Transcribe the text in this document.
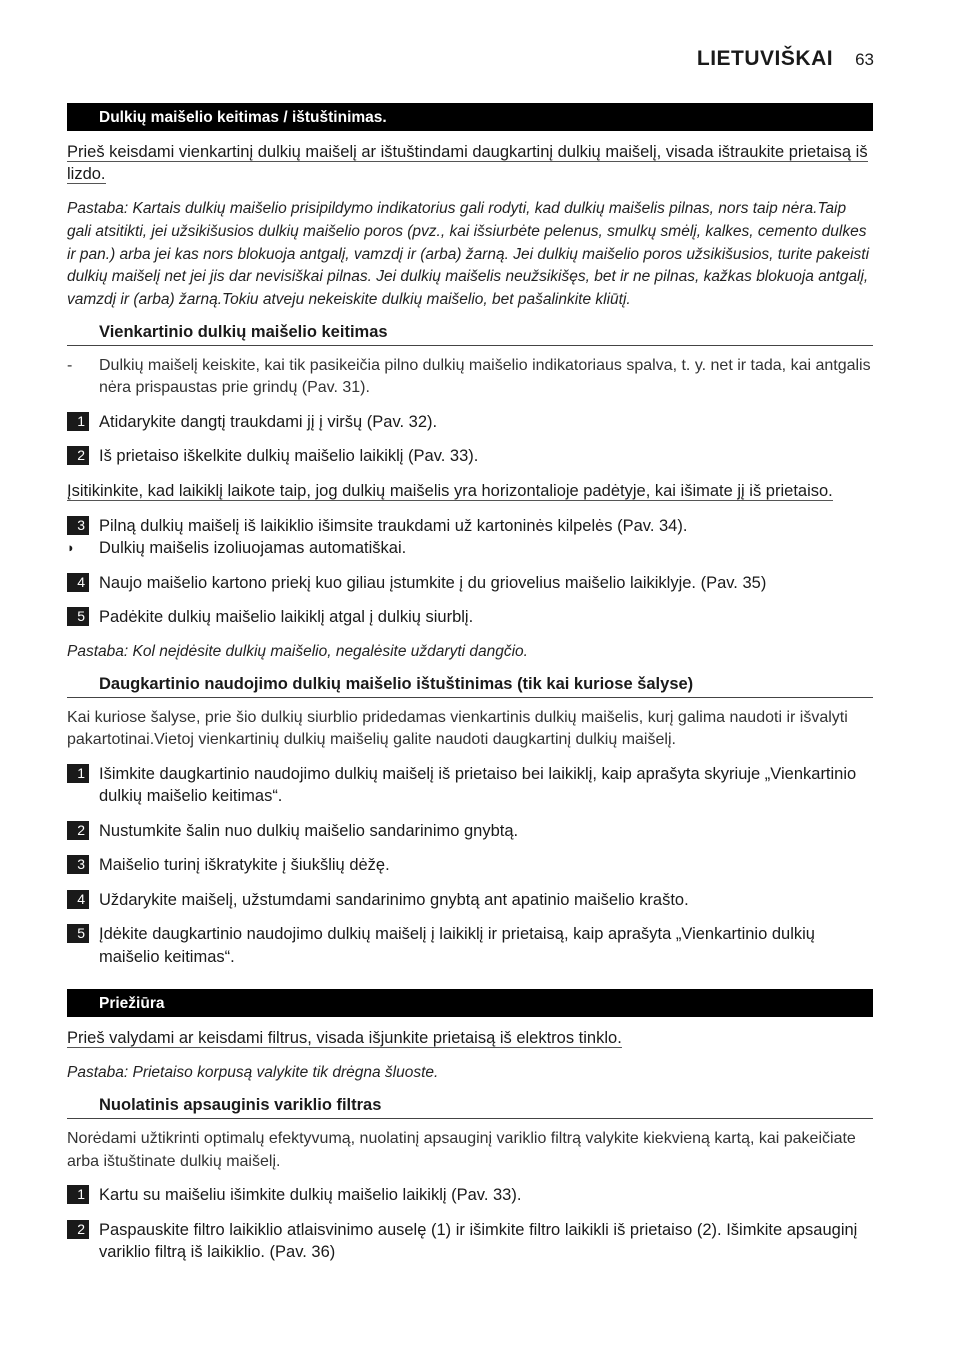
LIETUVIŠKAI 63
Dulkių maišelio keitimas / ištuštinimas.

Prieš keisdami vienkartinį dulkių maišelį ar ištuštindami daugkartinį dulkių maišelį, visada ištraukite prietaisą iš lizdo.

Pastaba: Kartais dulkių maišelio prisipildymo indikatorius gali rodyti, kad dulkių maišelis pilnas, nors taip nėra.Taip gali atsitikti, jei užsikišusios dulkių maišelio poros (pvz., kai išsiurbėte pelenus, smulkų smėlį, kalkes, cemento dulkes ir pan.) arba jei kas nors blokuoja antgalį, vamzdį ir (arba) žarną. Jei dulkių maišelio poros užsikišusios, turite pakeisti dulkių maišelį net jei jis dar nevisiškai pilnas. Jei dulkių maišelis neužsikišęs, bet ir ne pilnas, kažkas blokuoja antgalį, vamzdį ir (arba) žarną.Tokiu atveju nekeiskite dulkių maišelio, bet pašalinkite kliūtį.

Vienkartinio dulkių maišelio keitimas
- Dulkių maišelį keiskite, kai tik pasikeičia pilno dulkių maišelio indikatoriaus spalva, t. y. net ir tada, kai antgalis nėra prispaustas prie grindų (Pav. 31).
1 Atidarykite dangtį traukdami jį į viršų (Pav. 32).
2 Iš prietaiso iškelkite dulkių maišelio laikiklį (Pav. 33).

Įsitikinkite, kad laikiklį laikote taip, jog dulkių maišelis yra horizontalioje padėtyje, kai išimate jį iš prietaiso.

3 Pilną dulkių maišelį iš laikiklio išimsite traukdami už kartoninės kilpelės (Pav. 34).
◗	Dulkių maišelis izoliuojamas automatiškai.
4 Naujo maišelio kartono priekį kuo giliau įstumkite į du griovelius maišelio laikiklyje. (Pav. 35)
5 Padėkite dulkių maišelio laikiklį atgal į dulkių siurblį.

Pastaba: Kol neįdėsite dulkių maišelio, negalėsite uždaryti dangčio.

Daugkartinio naudojimo dulkių maišelio ištuštinimas (tik kai kuriose šalyse)

Kai kuriose šalyse, prie šio dulkių siurblio pridedamas vienkartinis dulkių maišelis, kurį galima naudoti ir išvalyti pakartotinai.Vietoj vienkartinių dulkių maišelių galite naudoti daugkartinį dulkių maišelį.

1 Išimkite daugkartinio naudojimo dulkių maišelį iš prietaiso bei laikiklį, kaip aprašyta skyriuje „Vienkartinio dulkių maišelio keitimas“.
2 Nustumkite šalin nuo dulkių maišelio sandarinimo gnybtą.
3 Maišelio turinį iškratykite į šiukšlių dėžę.
4 Uždarykite maišelį, užstumdami sandarinimo gnybtą ant apatinio maišelio krašto.
5 Įdėkite daugkartinio naudojimo dulkių maišelį į laikiklį ir prietaisą, kaip aprašyta „Vienkartinio dulkių maišelio keitimas“.
Priežiūra

Prieš valydami ar keisdami filtrus, visada išjunkite prietaisą iš elektros tinklo.

Pastaba: Prietaiso korpusą valykite tik drėgna šluoste.

Nuolatinis apsauginis variklio filtras

Norėdami užtikrinti optimalų efektyvumą, nuolatinį apsauginį variklio filtrą valykite kiekvieną kartą, kai pakeičiate arba ištuštinate dulkių maišelį.

1 Kartu su maišeliu išimkite dulkių maišelio laikiklį (Pav. 33).
2 Paspauskite filtro laikiklio atlaisvinimo auselę (1) ir išimkite filtro laikikli iš prietaiso (2). Išimkite apsauginį variklio filtrą iš laikiklio. (Pav. 36)
